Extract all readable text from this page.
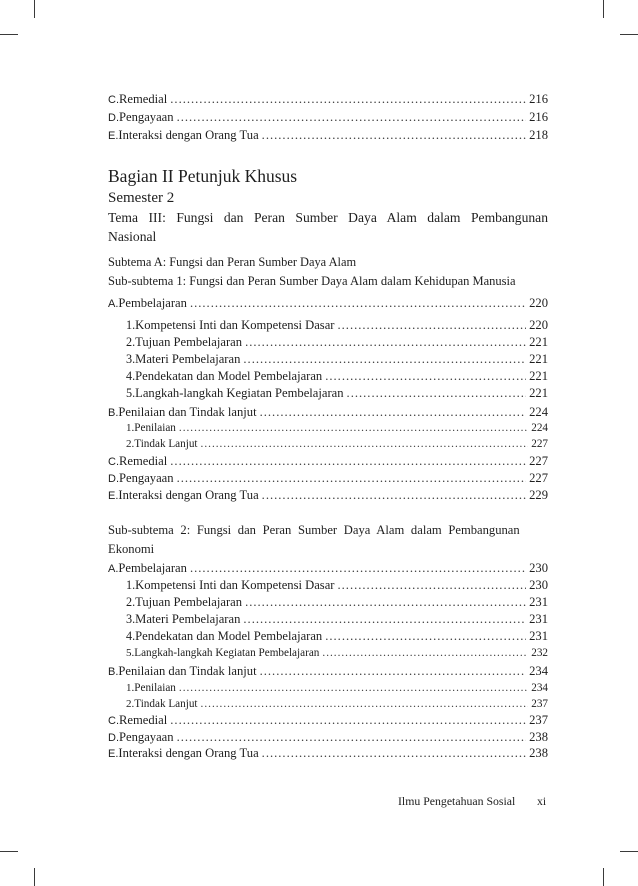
C. Remedial .....	216
D. Pengayaan .....	216
E. Interaksi dengan Orang Tua .....	218
Bagian II Petunjuk Khusus
Semester 2
Tema III: Fungsi dan Peran Sumber Daya Alam dalam Pembangunan Nasional
Subtema A: Fungsi dan Peran Sumber Daya Alam
Sub-subtema 1: Fungsi dan Peran Sumber Daya Alam dalam Kehidupan Manusia
A. Pembelajaran .....	220
1. Kompetensi Inti dan Kompetensi Dasar .....	220
2. Tujuan Pembelajaran .....	221
3. Materi Pembelajaran .....	221
4. Pendekatan dan Model Pembelajaran .....	221
5. Langkah-langkah Kegiatan Pembelajaran .....	221
B. Penilaian dan Tindak lanjut .....	224
1. Penilaian .....	224
2. Tindak Lanjut .....	227
C. Remedial .....	227
D. Pengayaan .....	227
E. Interaksi dengan Orang Tua .....	229
Sub-subtema 2: Fungsi dan Peran Sumber Daya Alam dalam Pembangunan Ekonomi
A. Pembelajaran .....	230
1. Kompetensi Inti dan Kompetensi Dasar .....	230
2. Tujuan Pembelajaran .....	231
3. Materi Pembelajaran .....	231
4. Pendekatan dan Model Pembelajaran .....	231
5. Langkah-langkah Kegiatan Pembelajaran .....	232
B. Penilaian dan Tindak lanjut .....	234
1. Penilaian .....	234
2. Tindak Lanjut .....	237
C. Remedial .....	237
D. Pengayaan .....	238
E. Interaksi dengan Orang Tua .....	238
Ilmu Pengetahuan Sosial xi
